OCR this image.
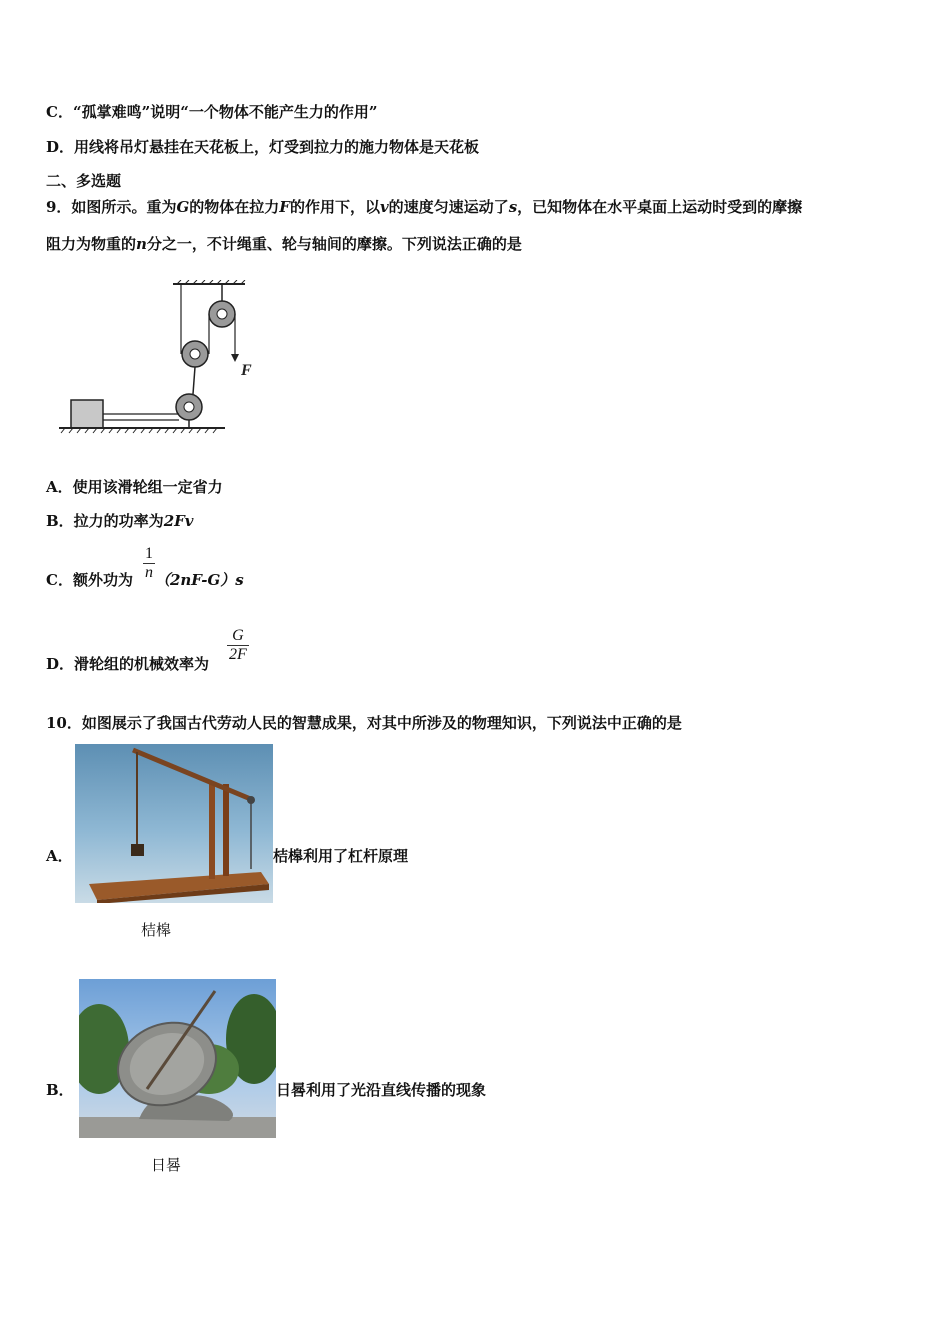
C．“孤掌难鸣”说明“一个物体不能产生力的作用”
D．用线将吊灯悬挂在天花板上，灯受到拉力的施力物体是天花板
二、多选题
9．如图所示。重为G的物体在拉力F的作用下，以v的速度匀速运动了s，已知物体在水平桌面上运动时受到的摩擦
阻力为物重的n分之一，不计绳重、轮与轴间的摩擦。下列说法正确的是
F
A．使用该滑轮组一定省力
B．拉力的功率为2Fv
C．额外功为 （2nF-G）s
$\frac{1}{n}$
D．滑轮组的机械效率为 $\frac{G}{2F}$
10．如图展示了我国古代劳动人民的智慧成果，对其中所涉及的物理知识，下列说法中正确的是
A．	桔槔利用了杠杆原理
桔槔
B．	日晷利用了光沿直线传播的现象
日晷
